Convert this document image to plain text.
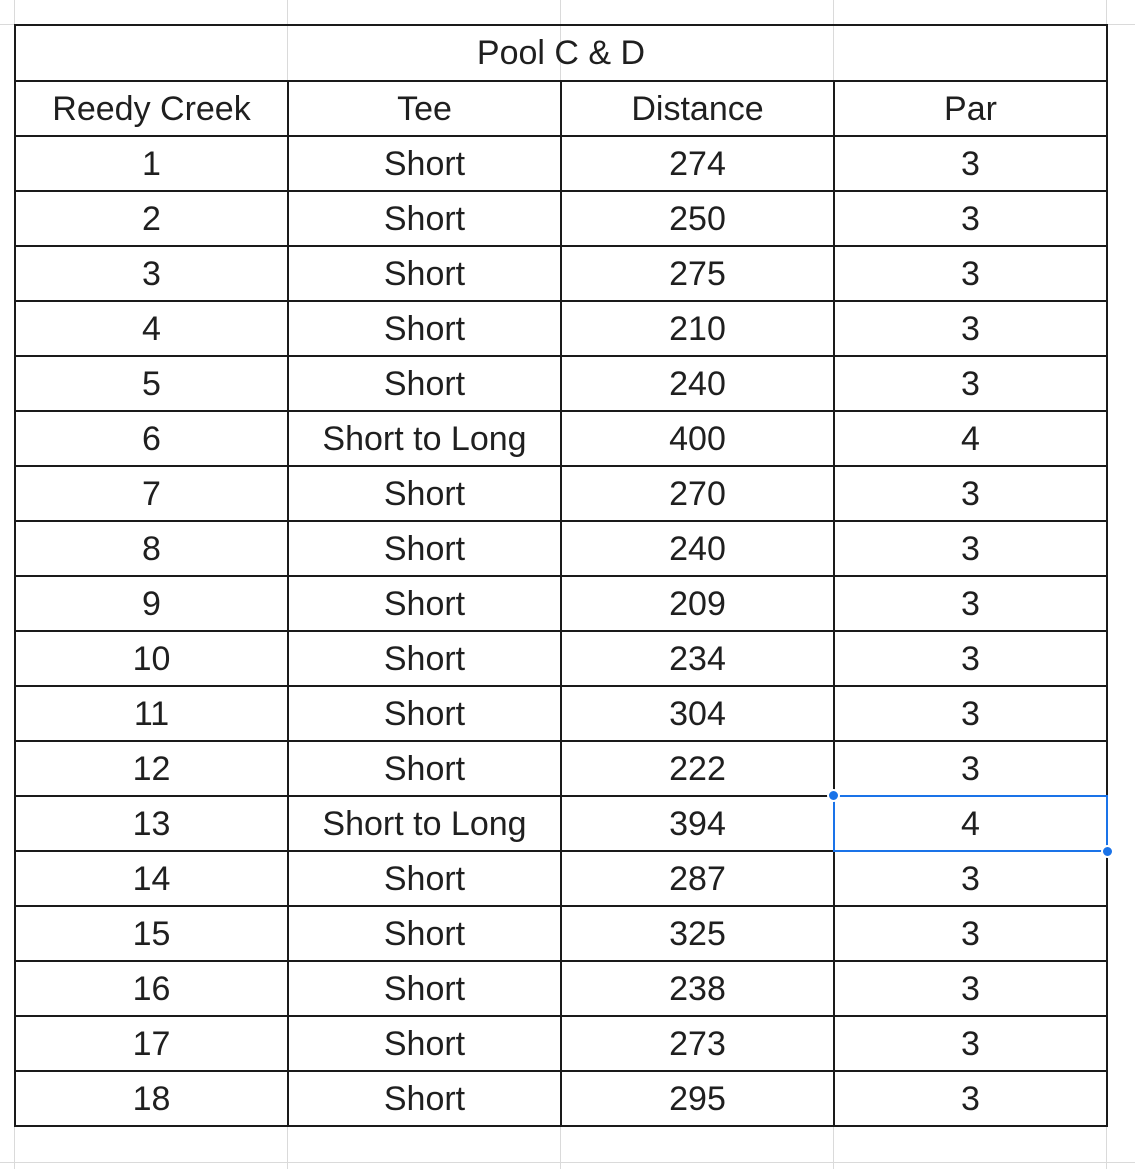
Pool C & D			
Reedy Creek	Tee	Distance	Par
1	Short	274	3
2	Short	250	3
3	Short	275	3
4	Short	210	3
5	Short	240	3
6	Short to Long	400	4
7	Short	270	3
8	Short	240	3
9	Short	209	3
10	Short	234	3
11	Short	304	3
12	Short	222	3
13	Short to Long	394	4

14	Short	287	3
15	Short	325	3
16	Short	238	3
17	Short	273	3
18	Short	295	3
